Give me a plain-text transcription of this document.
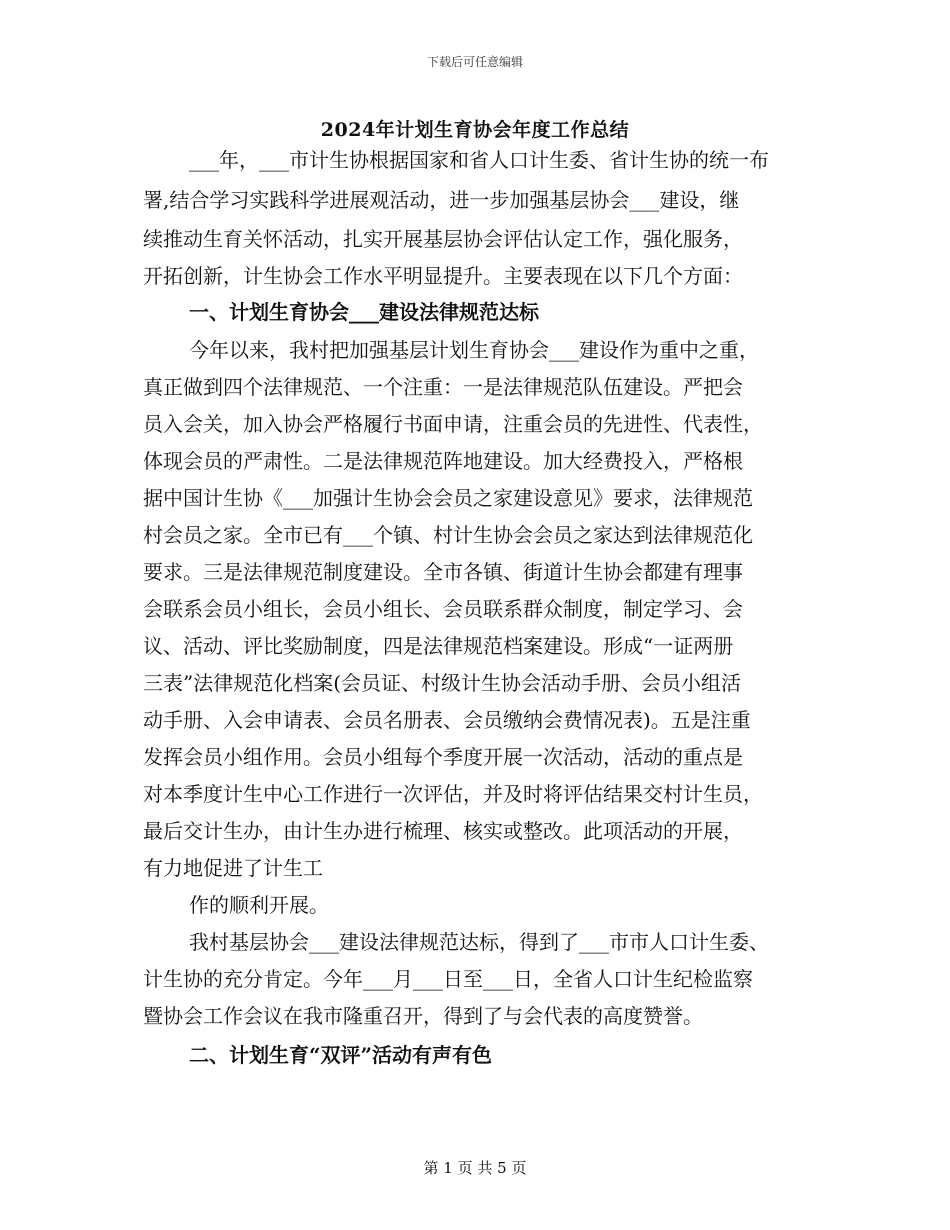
下载后可任意编辑
2024年计划生育协会年度工作总结
___年，___市计生协根据国家和省人口计生委、省计生协的统一布
署,结合学习实践科学进展观活动，进一步加强基层协会___建设，继
续推动生育关怀活动，扎实开展基层协会评估认定工作，强化服务，
开拓创新，计生协会工作水平明显提升。主要表现在以下几个方面：
一、计划生育协会___建设法律规范达标
今年以来，我村把加强基层计划生育协会___建设作为重中之重，
真正做到四个法律规范、一个注重：一是法律规范队伍建设。严把会
员入会关，加入协会严格履行书面申请，注重会员的先进性、代表性，
体现会员的严肃性。二是法律规范阵地建设。加大经费投入，严格根
据中国计生协《___加强计生协会会员之家建设意见》要求，法律规范
村会员之家。全市已有___个镇、村计生协会会员之家达到法律规范化
要求。三是法律规范制度建设。全市各镇、街道计生协会都建有理事
会联系会员小组长，会员小组长、会员联系群众制度，制定学习、会
议、活动、评比奖励制度，四是法律规范档案建设。形成“一证两册
三表”法律规范化档案(会员证、村级计生协会活动手册、会员小组活
动手册、入会申请表、会员名册表、会员缴纳会费情况表)。五是注重
发挥会员小组作用。会员小组每个季度开展一次活动，活动的重点是
对本季度计生中心工作进行一次评估，并及时将评估结果交村计生员，
最后交计生办，由计生办进行梳理、核实或整改。此项活动的开展，
有力地促进了计生工
作的顺利开展。
我村基层协会___建设法律规范达标，得到了___市市人口计生委、
计生协的充分肯定。今年___月___日至___日，全省人口计生纪检监察
暨协会工作会议在我市隆重召开，得到了与会代表的高度赞誉。
二、计划生育“双评”活动有声有色
第 1 页 共 5 页
